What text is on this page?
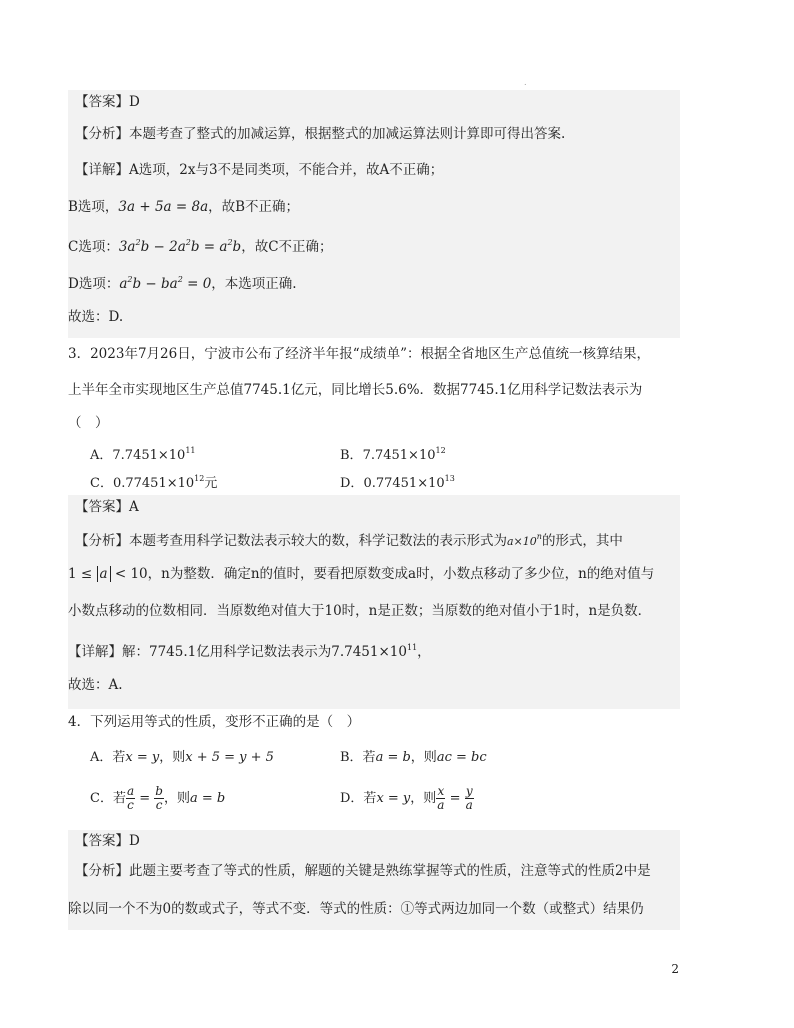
.
【答案】D
【分析】本题考查了整式的加减运算，根据整式的加减运算法则计算即可得出答案.
【详解】A选项，2x与3不是同类项，不能合并，故A不正确；
B选项，3a + 5a = 8a，故B不正确；
C选项：$3a^2b - 2a^2b = a^2b$，故C不正确；
D选项：$a^2b - ba^2 = 0$，本选项正确.
故选：D.
3．2023年7月26日，宁波市公布了经济半年报“成绩单”：根据全省地区生产总值统一核算结果，
上半年全市实现地区生产总值7745.1亿元，同比增长5.6%．数据7745.1亿用科学记数法表示为
（　）
A．$7.7451\times 10^{11}$	B．$7.7451\times 10^{12}$
C．$0.77451\times 10^{12}$元	D．$0.77451\times 10^{13}$
【答案】A
【分析】本题考查用科学记数法表示较大的数，科学记数法的表示形式为$a\times 10^n$的形式，其中
1 ≤ a < 10，n为整数．确定n的值时，要看把原数变成a时，小数点移动了多少位，n的绝对值与
小数点移动的位数相同．当原数绝对值大于10时，n是正数；当原数的绝对值小于1时，n是负数．
【详解】解：7745.1亿用科学记数法表示为$7.7451\times 10^{11}$，
故选：A.
4．下列运用等式的性质，变形不正确的是（　）
A．若x = y，则x + 5 = y + 5	B．若a = b，则ac = bc
C．若 $\frac{a}{c} = \frac{b}{c}$ ，则a = b	D．若x = y，则 $\frac{x}{a} = \frac{y}{a}$
【答案】D
【分析】此题主要考查了等式的性质，解题的关键是熟练掌握等式的性质，注意等式的性质2中是
除以同一个不为0的数或式子，等式不变．等式的性质：①等式两边加同一个数（或整式）结果仍
2
